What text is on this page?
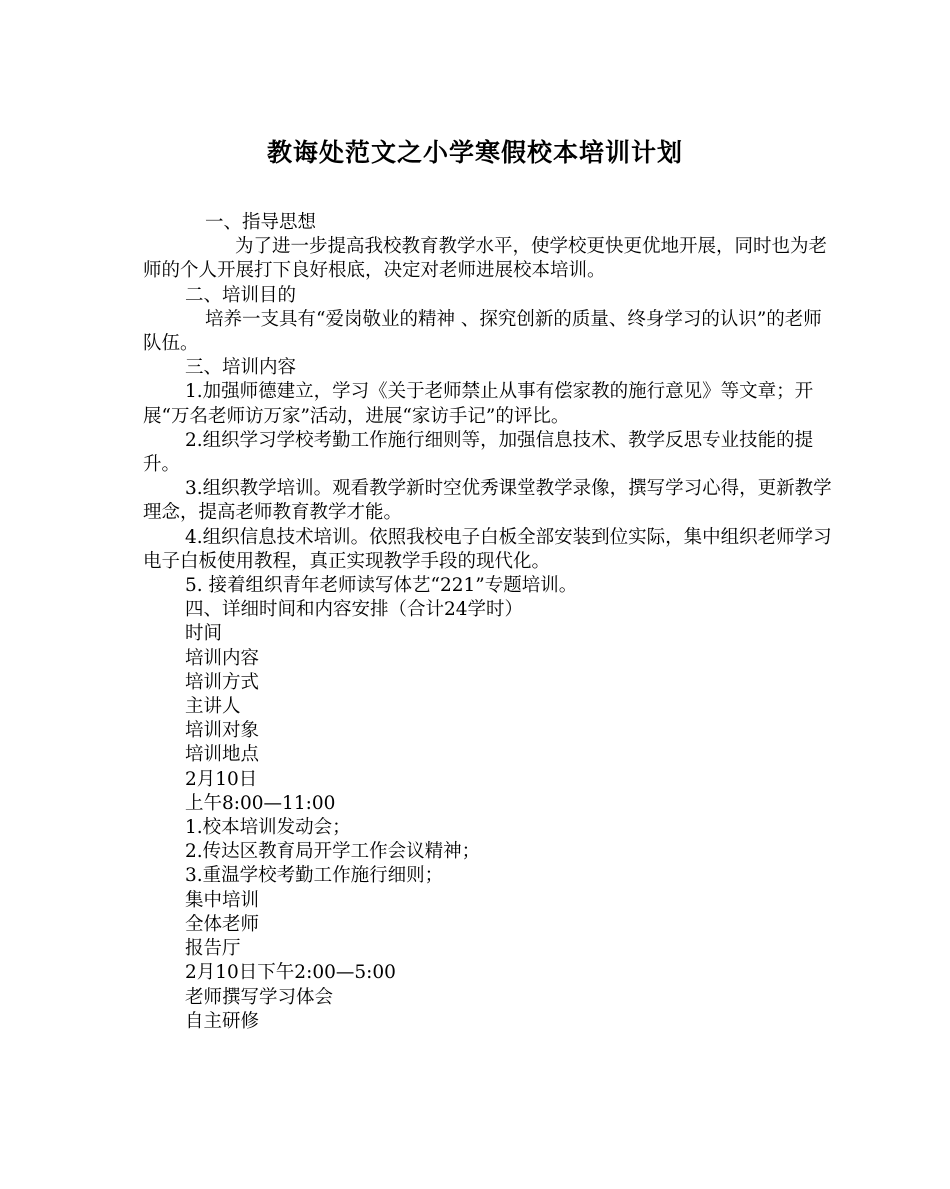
教诲处范文之小学寒假校本培训计划

一、指导思想

为了进一步提高我校教育教学水平，使学校更快更优地开展，同时也为老师的个人开展打下良好根底，决定对老师进展校本培训。

二、培训目的

培养一支具有“爱岗敬业的精神 、探究创新的质量、终身学习的认识”的老师队伍。

三、培训内容

1.加强师德建立，学习《关于老师禁止从事有偿家教的施行意见》等文章；开展“万名老师访万家”活动，进展“家访手记”的评比。

2.组织学习学校考勤工作施行细则等，加强信息技术、教学反思专业技能的提升。

3.组织教学培训。观看教学新时空优秀课堂教学录像，撰写学习心得，更新教学理念，提高老师教育教学才能。

4.组织信息技术培训。依照我校电子白板全部安装到位实际，集中组织老师学习电子白板使用教程，真正实现教学手段的现代化。

5. 接着组织青年老师读写体艺“221”专题培训。

四、详细时间和内容安排（合计24学时）

时间

培训内容

培训方式

主讲人

培训对象

培训地点

2月10日

上午8:00—11:00

1.校本培训发动会；

2.传达区教育局开学工作会议精神；

3.重温学校考勤工作施行细则；

集中培训

全体老师

报告厅

2月10日下午2:00—5:00

老师撰写学习体会

自主研修
